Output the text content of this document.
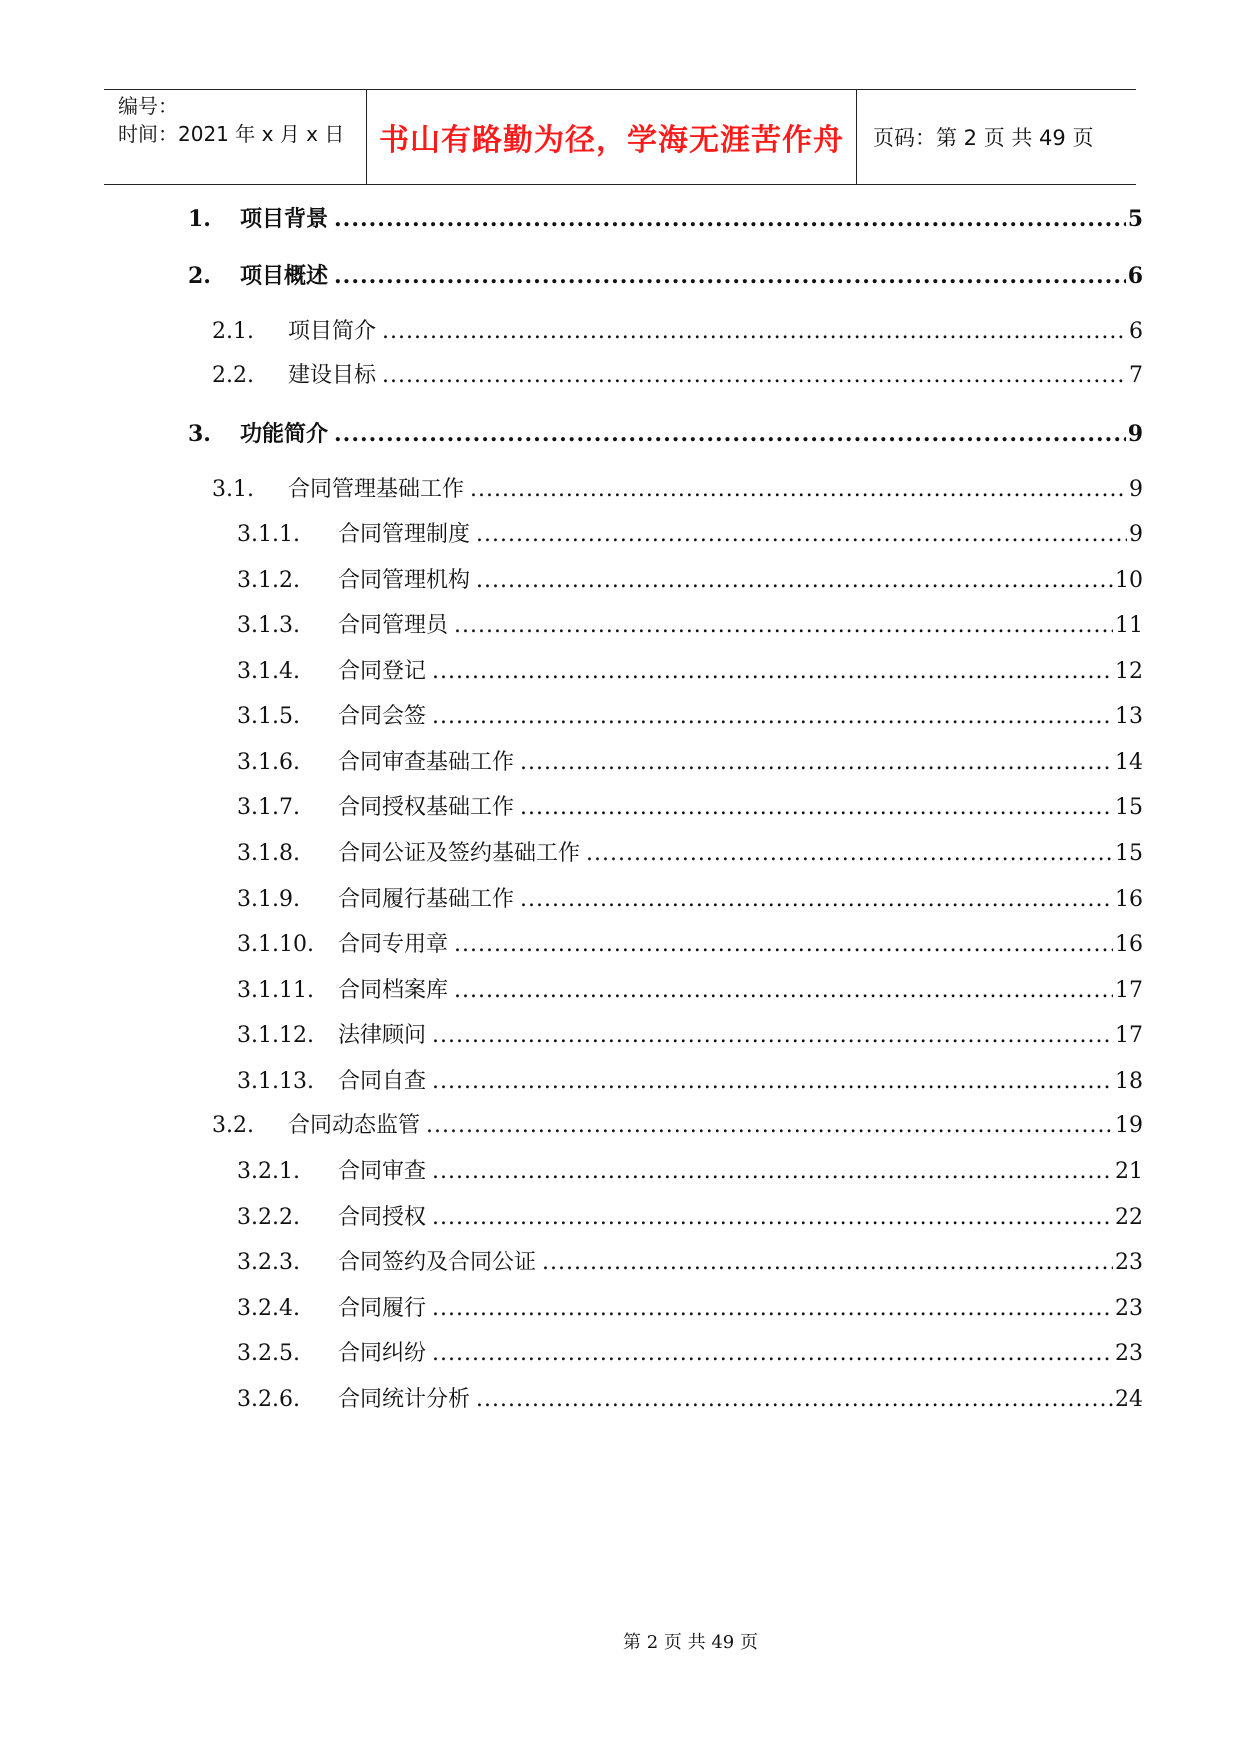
编号：
时间：2021 年 x 月 x 日	书山有路勤为径，学海无涯苦作舟 页码：第 2 页 共 49 页
1.	项目背景 .....	5
2.	项目概述 .....	6
2.1.	项目简介 .....	6
2.2.	建设目标 .....	7
3.	功能简介 .....	9
3.1.	合同管理基础工作 .....	9
3.1.1.	合同管理制度 .....	9
3.1.2.	合同管理机构 .....	10
3.1.3.	合同管理员 .....	11
3.1.4.	合同登记 .....	12
3.1.5.	合同会签 .....	13
3.1.6.	合同审查基础工作 .....	14
3.1.7.	合同授权基础工作 .....	15
3.1.8.	合同公证及签约基础工作 .....	15
3.1.9.	合同履行基础工作 .....	16
3.1.10.	合同专用章 .....	16
3.1.11.	合同档案库 .....	17
3.1.12.	法律顾问 .....	17
3.1.13.	合同自查 .....	18
3.2.	合同动态监管 .....	19
3.2.1.	合同审查 .....	21
3.2.2.	合同授权 .....	22
3.2.3.	合同签约及合同公证 .....	23
3.2.4.	合同履行 .....	23
3.2.5.	合同纠纷 .....	23
3.2.6.	合同统计分析 .....	24
第 2 页 共 49 页
